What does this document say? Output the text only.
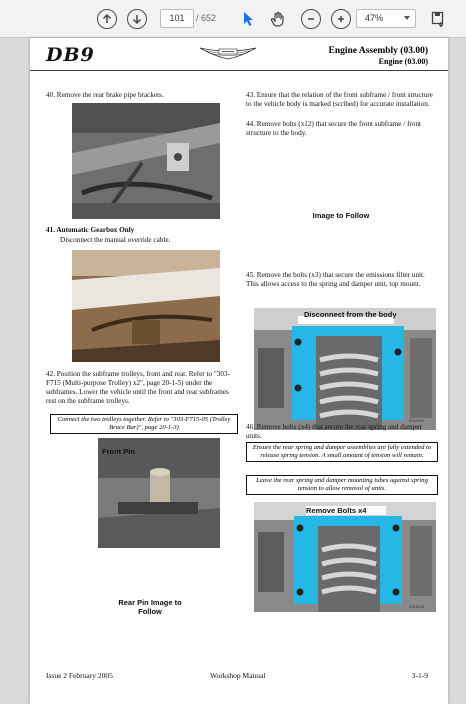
101	/ 652	47%
DB9	Engine Assembly (03.00)
Engine (03.00)
40. Remove the rear brake pipe brackets.
41. Automatic Gearbox Only
Disconnect the manual override cable.
42. Position the subframe trolleys, front and rear. Refer to "303-F715 (Multi-purpose Trolley) x2", page 20-1-5) under the subframes. Lower the vehicle until the front and rear subframes rest on the subframe trolleys.
Connect the two trolleys together. Refer to "303-F715-05 (Trolley Brace Bar)", page 20-1-3)
Front Pin
Rear Pin Image to Follow
43. Ensure that the relation of the front subframe / front structure to the vehicle body is marked (scribed) for accurate installation.
44. Remove bolts (x12) that secure the front subframe / front structure to the body.
Image to Follow
45. Remove the bolts (x3) that secure the emissions filter unit. This allows access to the spring and damper unit, top mount.
Disconnect from the body
0311007
46. Remove bolts (x4) that secure the rear spring and damper units.
Ensure the rear spring and damper assemblies are fully extended to release spring tension. A small amount of tension will remain.
Leave the rear spring and damper mounting tubes against spring tension to allow removal of units.
Remove Bolts x4
0311010
Issue 2 February 2005	Workshop Manual	3-1-9
